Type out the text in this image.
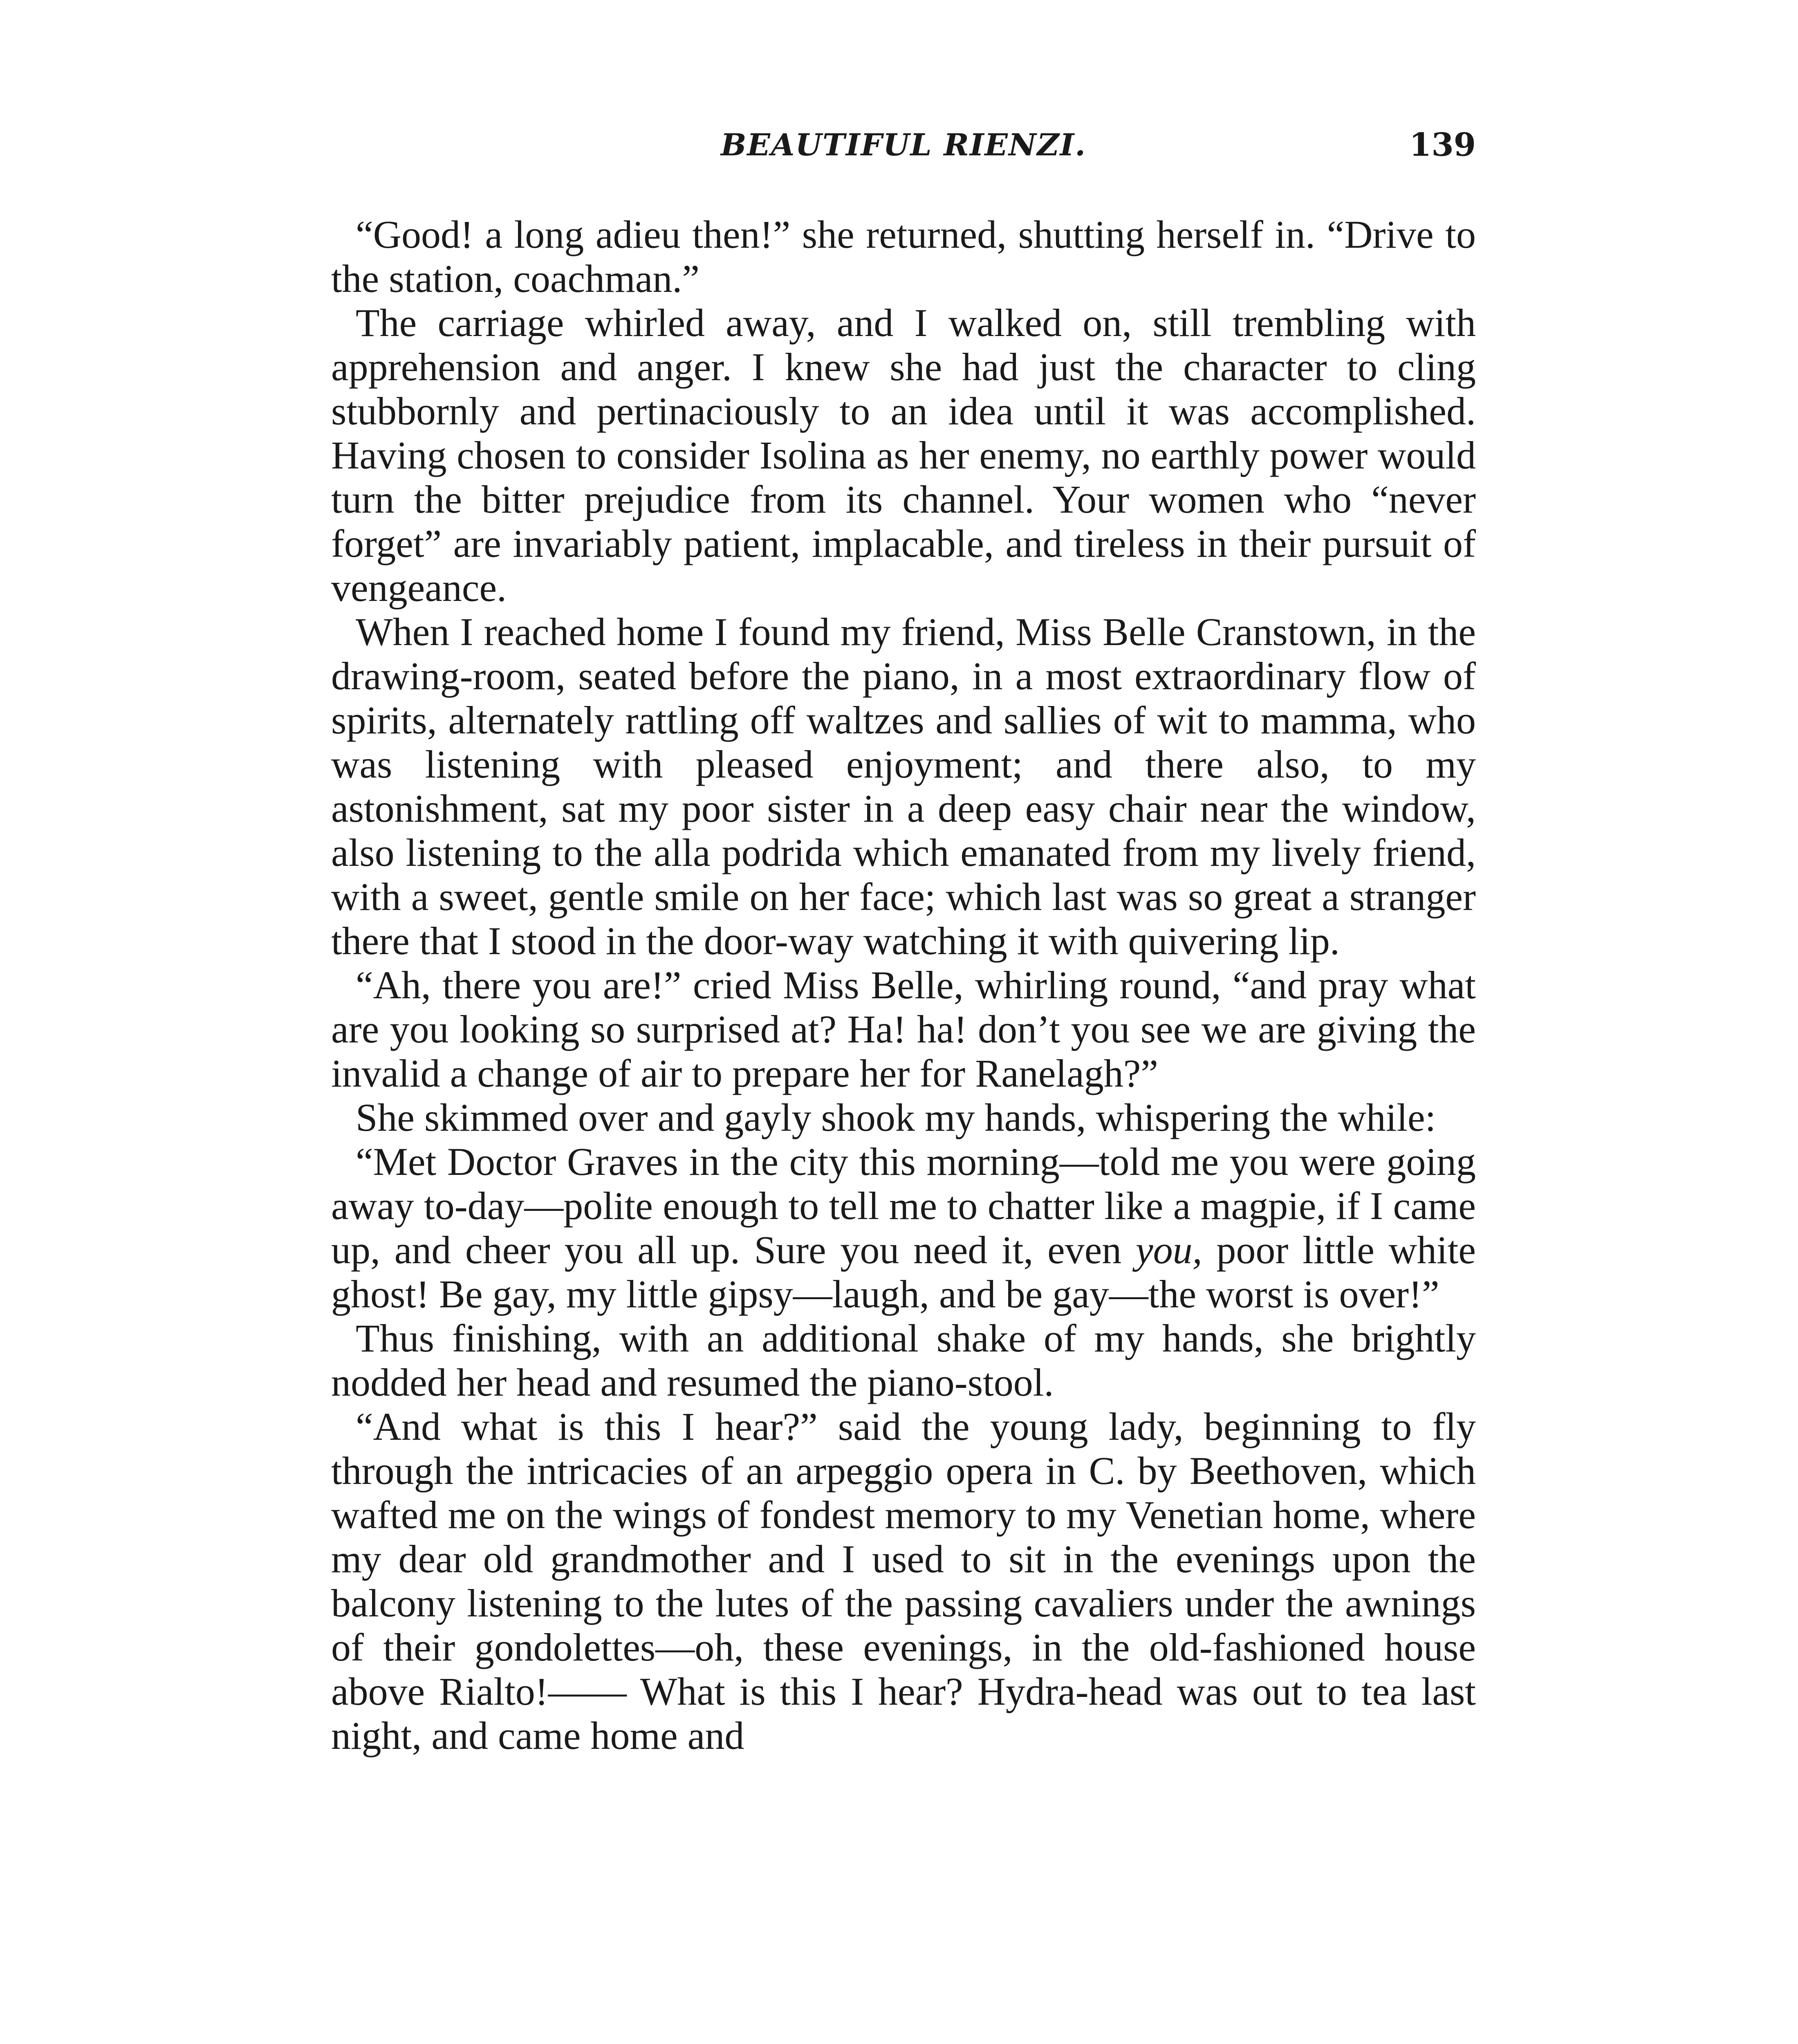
BEAUTIFUL RIENZI.	139

“Good! a long adieu then!” she returned, shutting herself in. “Drive to the station, coachman.”

The carriage whirled away, and I walked on, still trembling with apprehension and anger. I knew she had just the character to cling stubbornly and pertinaciously to an idea until it was accomplished. Having chosen to consider Isolina as her enemy, no earthly power would turn the bitter prejudice from its channel. Your women who “never forget” are invariably patient, implacable, and tireless in their pursuit of vengeance.

When I reached home I found my friend, Miss Belle Cranstown, in the drawing-room, seated before the piano, in a most extraordinary flow of spirits, alternately rattling off waltzes and sallies of wit to mamma, who was listening with pleased enjoyment; and there also, to my astonishment, sat my poor sister in a deep easy chair near the window, also listening to the alla podrida which emanated from my lively friend, with a sweet, gentle smile on her face; which last was so great a stranger there that I stood in the door-way watching it with quivering lip.

“Ah, there you are!” cried Miss Belle, whirling round, “and pray what are you looking so surprised at? Ha! ha! don’t you see we are giving the invalid a change of air to prepare her for Ranelagh?”

She skimmed over and gayly shook my hands, whispering the while:

“Met Doctor Graves in the city this morning—told me you were going away to-day—polite enough to tell me to chatter like a magpie, if I came up, and cheer you all up. Sure you need it, even you, poor little white ghost! Be gay, my little gipsy—laugh, and be gay—the worst is over!”

Thus finishing, with an additional shake of my hands, she brightly nodded her head and resumed the piano-stool.

“And what is this I hear?” said the young lady, beginning to fly through the intricacies of an arpeggio opera in C. by Beethoven, which wafted me on the wings of fondest memory to my Venetian home, where my dear old grandmother and I used to sit in the evenings upon the balcony listening to the lutes of the passing cavaliers under the awnings of their gondolettes—oh, these evenings, in the old-fashioned house above Rialto!—— What is this I hear? Hydra-head was out to tea last night, and came home and
